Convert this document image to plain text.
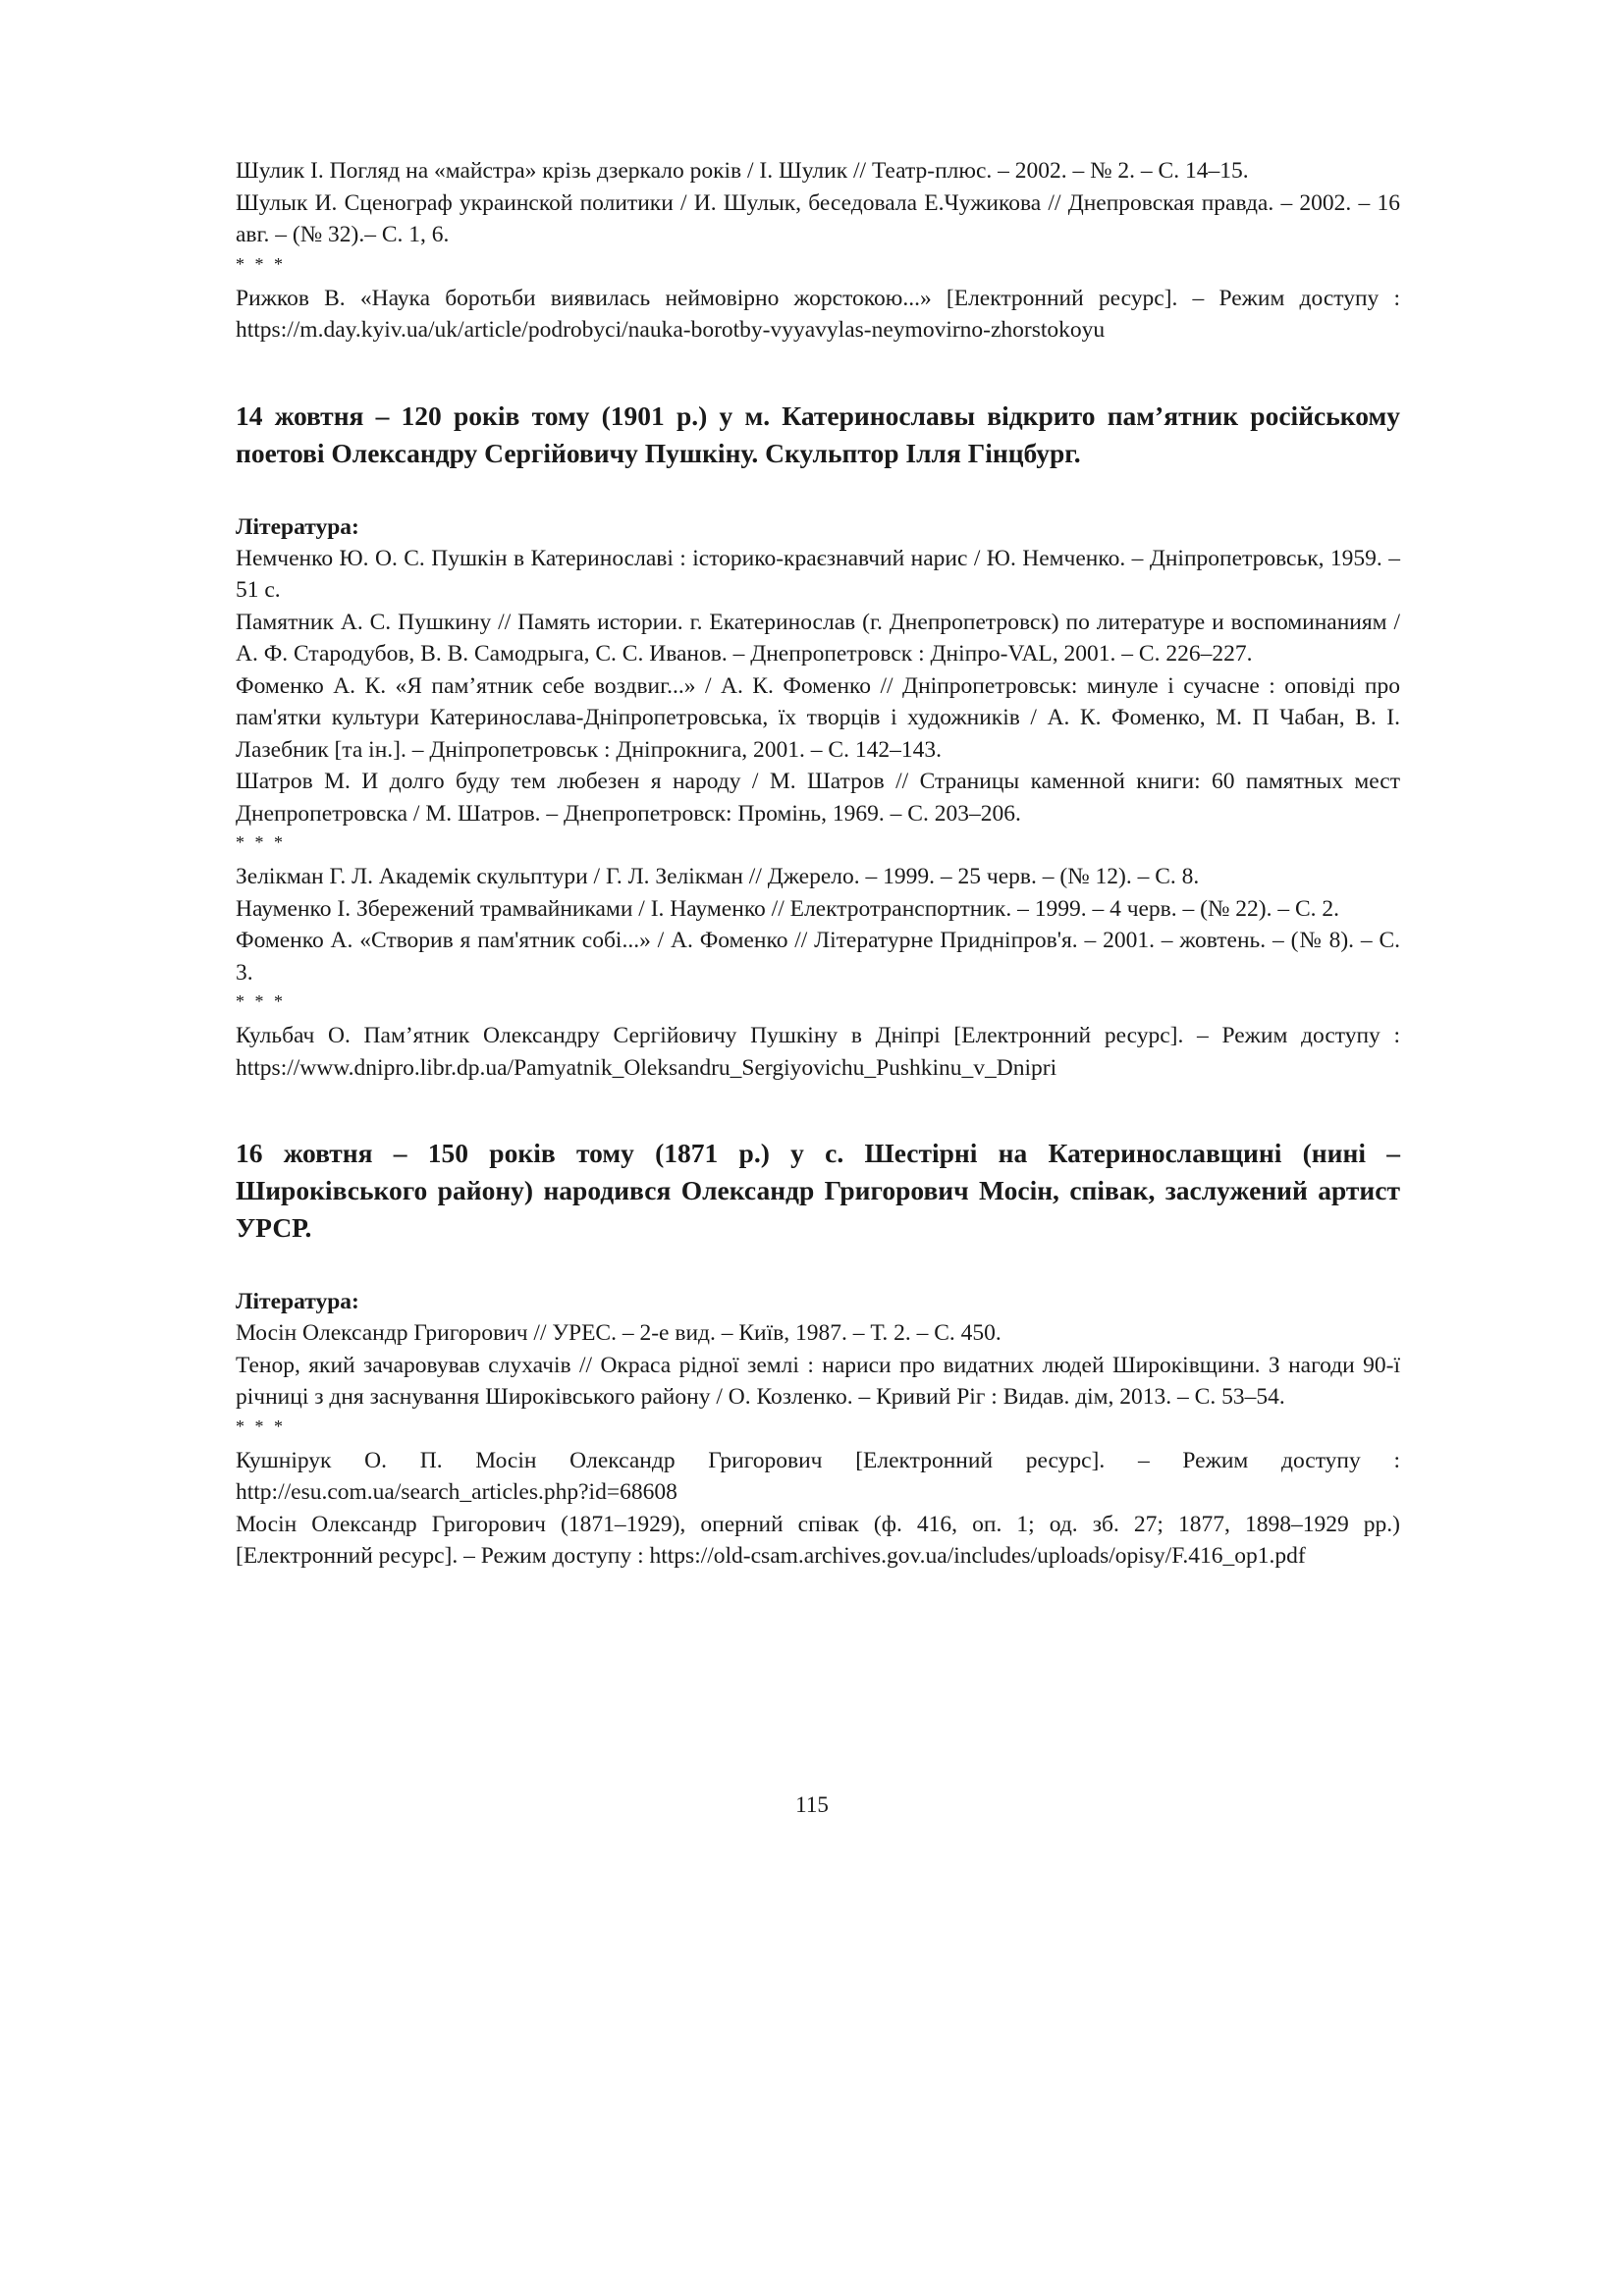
Шулик І. Погляд на «майстра» крізь дзеркало років / І. Шулик // Театр-плюс. – 2002. – № 2. – С. 14–15.

Шулык И. Сценограф украинской политики / И. Шулык, беседовала Е.Чужикова // Днепровская правда. – 2002. – 16 авг. – (№ 32).– С. 1, 6.

* * *

Рижков В. «Наука боротьби виявилась неймовірно жорстокою...» [Електронний ресурс]. – Режим доступу : https://m.day.kyiv.ua/uk/article/podrobyci/nauka-borotby-vyyavylas-neymovirno-zhorstokoyu

14 жовтня – 120 років тому (1901 р.) у м. Катеринославы відкрито пам’ятник російському поетові Олександру Сергійовичу Пушкіну. Скульптор Ілля Гінцбург.

Література:

Немченко Ю. О. С. Пушкін в Катеринославі : історико-краєзнавчий нарис / Ю. Немченко. – Дніпропетровськ, 1959. – 51 с.

Памятник А. С. Пушкину // Память истории. г. Екатеринослав (г. Днепропетровск) по литературе и воспоминаниям / А. Ф. Стародубов, В. В. Самодрыга, С. С. Иванов. – Днепропетровск : Дніпро-VAL, 2001. – С. 226–227.

Фоменко А. К. «Я пам’ятник себе воздвиг...» / А. К. Фоменко // Дніпропетровськ: минуле і сучасне : оповіді про пам'ятки культури Катеринослава-Дніпропетровська, їх творців і художників / А. К. Фоменко, М. П Чабан, В. І. Лазебник [та ін.]. – Дніпропетровськ : Дніпрокнига, 2001. – С. 142–143.

Шатров М. И долго буду тем любезен я народу / М. Шатров // Страницы каменной книги: 60 памятных мест Днепропетровска / М. Шатров. – Днепропетровск: Промінь, 1969. – С. 203–206.

* * *

Зелікман Г. Л. Академік скульптури / Г. Л. Зелікман // Джерело. – 1999. – 25 черв. – (№ 12). – С. 8.

Науменко І. Збережений трамвайниками / І. Науменко // Електротранспортник. – 1999. – 4 черв. – (№ 22). – С. 2.

Фоменко А. «Створив я пам'ятник собі...» / А. Фоменко // Літературне Придніпров'я. – 2001. – жовтень. – (№ 8). – С. 3.

* * *

Кульбач О. Пам’ятник Олександру Сергійовичу Пушкіну в Дніпрі [Електронний ресурс]. – Режим доступу : https://www.dnipro.libr.dp.ua/Pamyatnik_Oleksandru_Sergiyovichu_Pushkinu_v_Dnipri

16 жовтня – 150 років тому (1871 р.) у с. Шестірні на Катеринославщині (нині – Широківського району) народився Олександр Григорович Мосін, співак, заслужений артист УРСР.

Література:

Мосін Олександр Григорович // УРЕС. – 2-е вид. – Київ, 1987. – Т. 2. – С. 450.

Тенор, який зачаровував слухачів // Окраса рідної землі : нариси про видатних людей Широківщини. З нагоди 90-ї річниці з дня заснування Широківського району / О. Козленко. – Кривий Ріг : Видав. дім, 2013. – С. 53–54.

* * *

Кушнірук О. П. Мосін Олександр Григорович [Електронний ресурс]. – Режим доступу : http://esu.com.ua/search_articles.php?id=68608

Мосін Олександр Григорович (1871–1929), оперний співак (ф. 416, оп. 1; од. зб. 27; 1877, 1898–1929 рр.) [Електронний ресурс]. – Режим доступу : https://old-csam.archives.gov.ua/includes/uploads/opisy/F.416_op1.pdf

115
